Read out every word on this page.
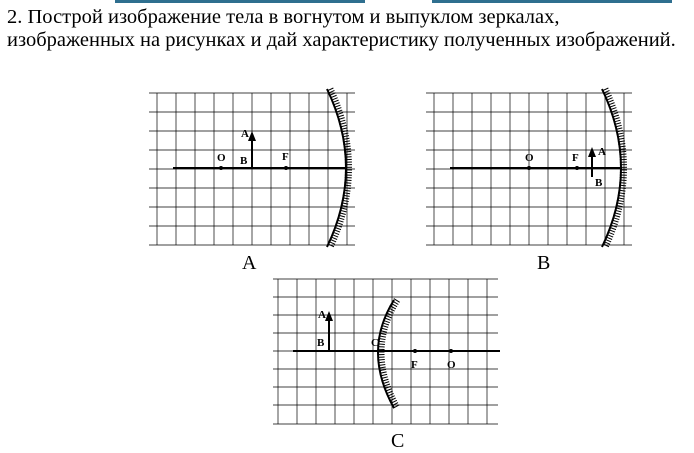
2. Построй изображение тела в вогнутом и выпуклом зеркалах, изображенных на рисунках и дай характеристику полученных изображений.

A
B
O	F
A
A
B
O	F
B
A
B	C
F	O
C
